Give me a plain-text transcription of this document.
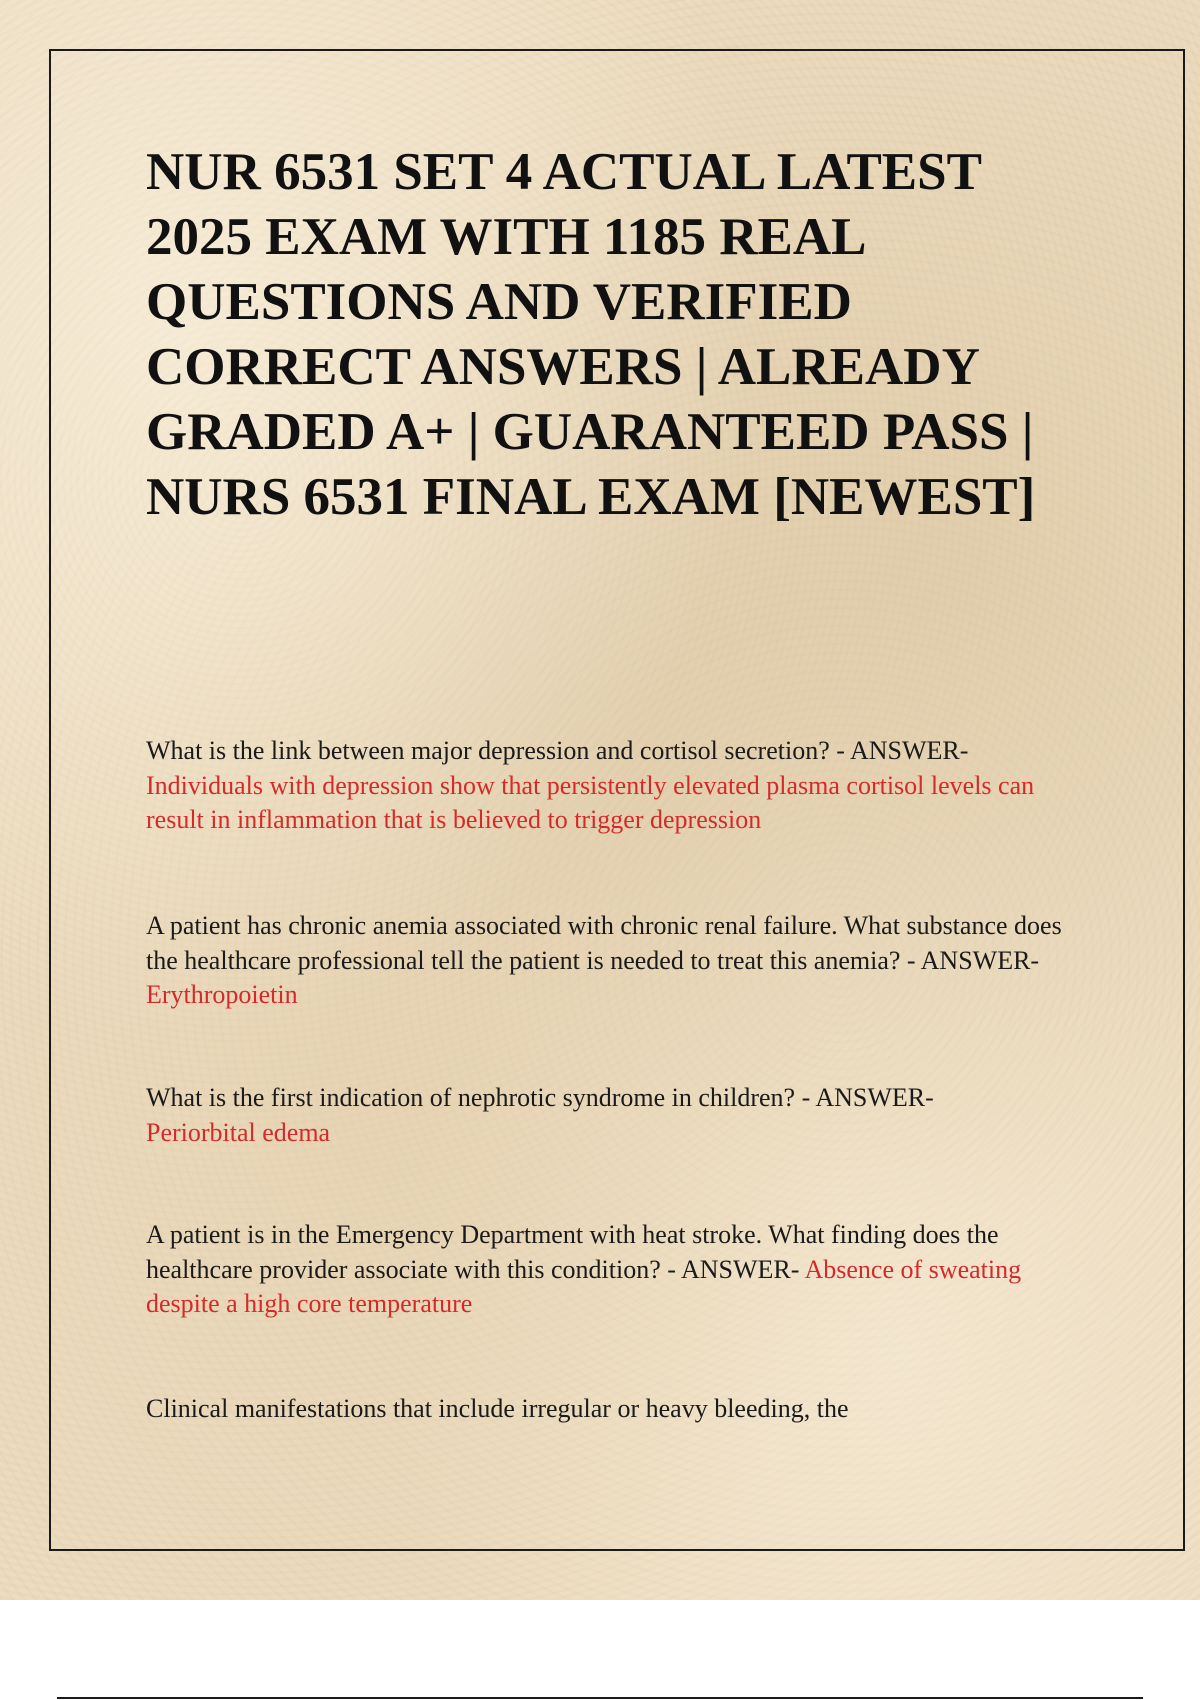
NUR 6531 SET 4 ACTUAL LATEST 2025 EXAM WITH 1185 REAL QUESTIONS AND VERIFIED CORRECT ANSWERS | ALREADY GRADED A+ | GUARANTEED PASS | NURS 6531 FINAL EXAM [NEWEST]

What is the link between major depression and cortisol secretion? - ANSWER-
Individuals with depression show that persistently elevated plasma cortisol levels can result in inflammation that is believed to trigger depression

A patient has chronic anemia associated with chronic renal failure. What substance does the healthcare professional tell the patient is needed to treat this anemia? - ANSWER- Erythropoietin

What is the first indication of nephrotic syndrome in children? - ANSWER-
Periorbital edema

A patient is in the Emergency Department with heat stroke. What finding does the healthcare provider associate with this condition? - ANSWER- Absence of sweating despite a high core temperature

Clinical manifestations that include irregular or heavy bleeding, the
